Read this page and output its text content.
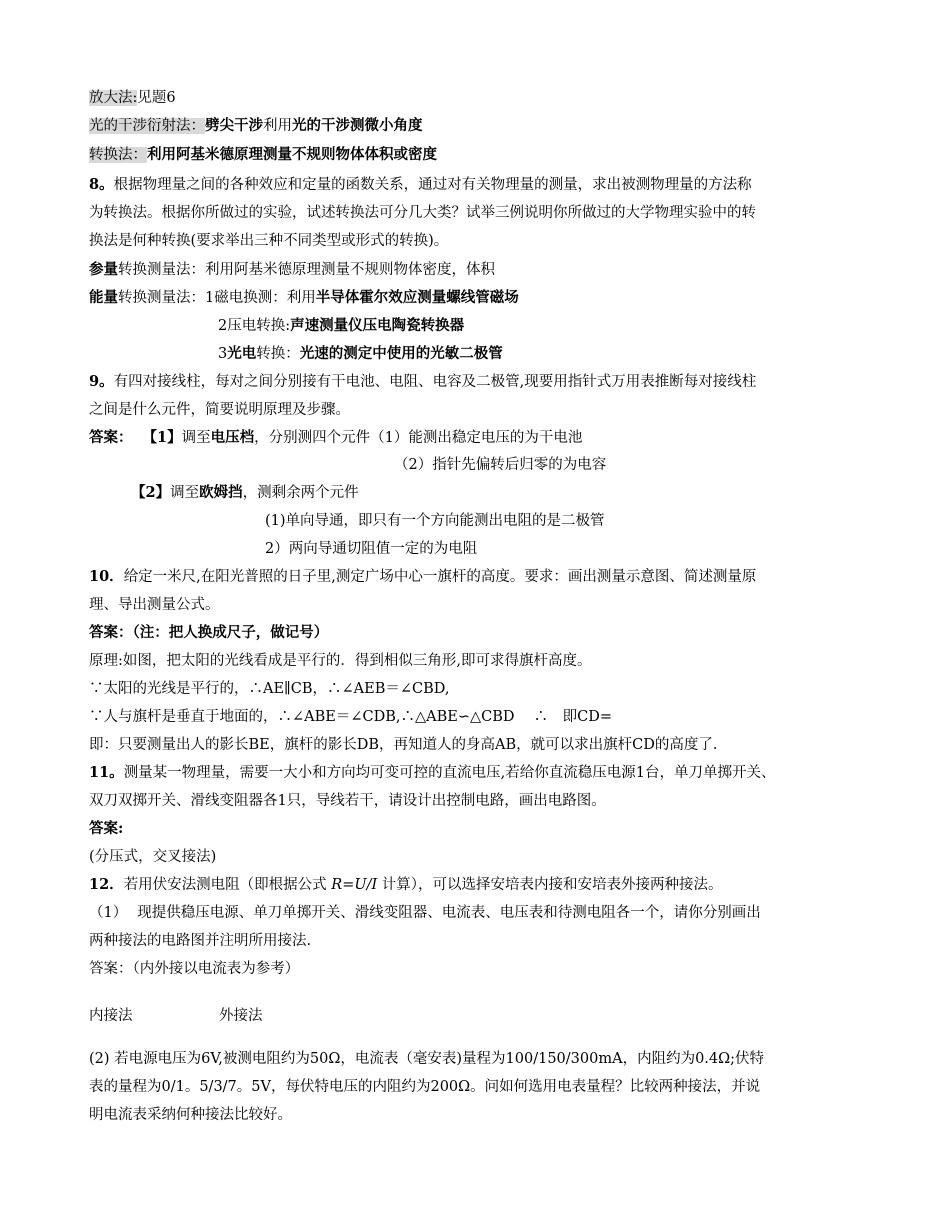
放大法:见题6
光的干涉衍射法：劈尖干涉利用光的干涉测微小角度
转换法：利用阿基米德原理测量不规则物体体积或密度
8。根据物理量之间的各种效应和定量的函数关系，通过对有关物理量的测量，求出被测物理量的方法称
为转换法。根据你所做过的实验，试述转换法可分几大类？试举三例说明你所做过的大学物理实验中的转
换法是何种转换(要求举出三种不同类型或形式的转换)。
参量转换测量法：利用阿基米德原理测量不规则物体密度，体积
能量转换测量法：1磁电换测：利用半导体霍尔效应测量螺线管磁场
2压电转换:声速测量仪压电陶瓷转换器
3光电转换：光速的测定中使用的光敏二极管
9。有四对接线柱，每对之间分别接有干电池、电阻、电容及二极管,现要用指针式万用表推断每对接线柱
之间是什么元件，简要说明原理及步骤。
答案： 【1】调至电压档，分别测四个元件（1）能测出稳定电压的为干电池
（2）指针先偏转后归零的为电容
【2】调至欧姆挡，测剩余两个元件
(1)单向导通，即只有一个方向能测出电阻的是二极管
2）两向导通切阻值一定的为电阻
10．给定一米尺,在阳光普照的日子里,测定广场中心一旗杆的高度。要求：画出测量示意图、简述测量原
理、导出测量公式。
答案：（注：把人换成尺子，做记号）
原理:如图，把太阳的光线看成是平行的．得到相似三角形,即可求得旗杆高度。
∵太阳的光线是平行的，∴AE∥CB，∴∠AEB＝∠CBD,
∵人与旗杆是垂直于地面的，∴∠ABE＝∠CDB,∴△ABE∽△CBD　 ∴　即CD=
即：只要测量出人的影长BE，旗杆的影长DB，再知道人的身高AB，就可以求出旗杆CD的高度了.
11。测量某一物理量，需要一大小和方向均可变可控的直流电压,若给你直流稳压电源1台，单刀单掷开关、
双刀双掷开关、滑线变阻器各1只，导线若干，请设计出控制电路，画出电路图。
答案:
(分压式，交叉接法)
12．若用伏安法测电阻（即根据公式 R=U/I 计算），可以选择安培表内接和安培表外接两种接法。
（1） 现提供稳压电源、单刀单掷开关、滑线变阻器、电流表、电压表和待测电阻各一个，请你分别画出
两种接法的电路图并注明所用接法.
答案：（内外接以电流表为参考）
内接法	外接法
(2) 若电源电压为6V,被测电阻约为50Ω，电流表（毫安表)量程为100/150/300mA，内阻约为0.4Ω;伏特
表的量程为0/1。5/3/7。5V，每伏特电压的内阻约为200Ω。问如何选用电表量程？比较两种接法，并说
明电流表采纳何种接法比较好。
